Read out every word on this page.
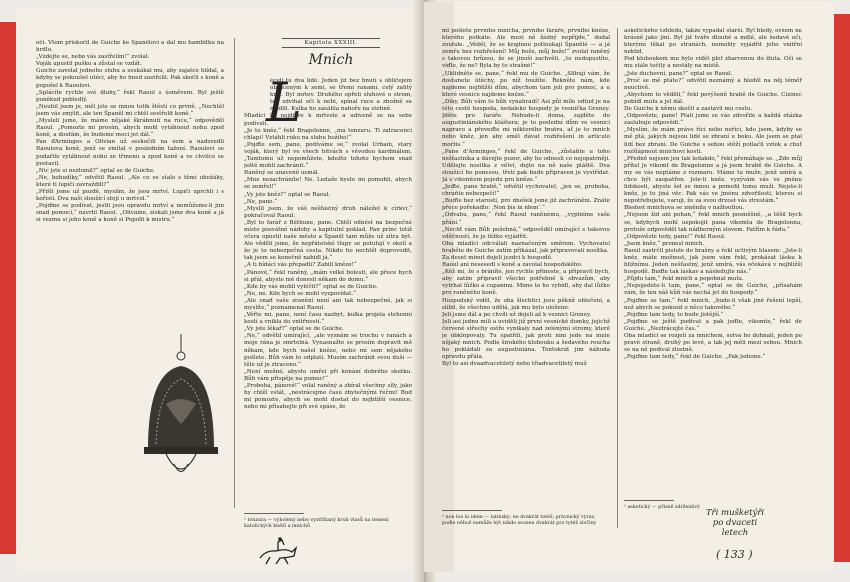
oči. Vtom přiskočil de Guiche ke Španělovi a dal mu bambitku na hrdlo.

„Vzdejte se, nebo vás zastřelím!“ zvolal.

Voják upustil pušku a zůstal se vzdát.

Guiche zavolal jednoho sluhu a zeskákal mu, aby zajatce hlídal, a kdyby se pokoušel utéci, aby ho hned zastřelil. Pak skočil s koně a popošel k Raoulovi.

„Splácíte rychle své dluhy,“ řekl Raoul s úsměvem. Byl ještě poněkud pobledlý.

„Neubil jsem je, měl jste se mnou tolik štěstí co prvně. „Nechtěl jsem vás zmýlit, ale ten Španěl mi chtěl sestřelit koně.“

„Mysleli jsme, že máme nějaké škrábnutí na ruce,“ odpověděl Raoul. „Pomozte mi prosím, abych mohl vytáhnout nohu zpod koně, a doufám, že budeme moci jet dál.“

Pan ďArminges a Olivian už seskočili na zem a nadzvedli Raoulova koně, jenž se zmítal v posledním tažení. Raoulovi se podařilo vytáhnout nohu ze třmenu a zpod koně a ve chvilce se postavil.

„Nic jste si nezlomil?“ optal se de Guiche.

„Ne, bohudíky,“ odvětil Raoul. „Ale co se stalo s těmi ubožáky, které ti lupiči zavraždili?“

„Přišli jsme už pozdě, myslím, že jsou mrtví. Lupiči uprchli i s kořistí. Dva naši sloužící stojí u mrtvol.“

„Pojďme se podívat, jestli jsou opravdu mrtví a nemůžeme-li jim snad pomoci,“ navrhl Raoul. „Olivaine, získali jsme dva koně a já si vezmu si jeho koně a koně si Popolli k mistru.“

Kapitola XXXIII.
Mnich
L

éceli tu dva lidé. Jeden již bez hnutí s obličejem obráceným k zemi, se třemi ranami, celý zalitý krví. Byl mrtev. Druhého opřeli sluhové o strom, ten zdvihal oči k nebi, spínal ruce a zbožně se modlil. Kulka ho zasáhla nahoře na stehně.

Mladíci šli nejdříve k mrtvole a udiveně se na sebe podívali.

„Je to kněz,“ řekl Bragelonne, „má tonzuru. Ti zatracenci chlapi! Vztáhli ruku na sluhu božího!“

„Pojďte sem, pane, podíváme se,“ zvolal Urbain, starý voják, který byl ve všech bitvách s vévodou kardinálem. „Tamtomu už nepomůžete, kdežto tohoto bychom snad ještě mohli zachránit.“

Raněný se unaveně usmál.

„Mne nezachráníte! Ne. Ledaže byste mi pomohli, abych se zemřel!“

„Vy jste kněz?“ optal se Raoul.

„Ne, pane.“

„Myslil jsem, že váš nešťastný druh náležel k církvi,“ pokračoval Raoul.

„Byl to farář z Béthune, pane. Chtěl odnést na bezpečné místo posvátné nádoby a kapitulní poklad. Pan princ totiž včera opustil naše město a Španěl tam může už zítra být. Ale věděli jsme, že nepřátelské tlupy se potulují v okolí a že je to nebezpečná cesta. Nikdo ho nechtěl doprovodit, tak jsem se konečně nabídl já.“

„A ti bídáci vás přepadli? Zabili kněze!“

„Pánové,“ řekl raněný, „mám velké bolesti, ale přece bych si přál, abyste mě donesli někam do domu.“

„Kde by vás mohli vyléčit?“ optal se de Guiche.

„Ne, ne. Kde bych se mohl vyzpovídat.“

„Ale snad vaše zranění není ani tak nebezpečné, jak si myslíte,“ poznamenal Raoul.

„Věřte mi, pane, není času nazbyt, kulka projela stehenní kostí a vnikla do vnitřností.“

„Vy jste lékař?“ optal se de Guiche.

„Ne,“ odvětil umírající, „ale vyznám se trochu v ranách a moje rána je smrtelná. Vynasnažte se prosím dopravit mě někam, kde bych našel kněze, nebo mi sem nějakého pošlete. Bůh vám to odplatí. Musím zachránit svou duši — tělo už je ztraceno.“

„Není možné, abyste umřel při konání dobrého skutku. Bůh vám přispěje na pomoc!“

„Proboha, pánové!“ volal raněný a zbíral všechny síly, jako by chtěl vstát, „nestrácejme času zbytečnými řečmi! Buď mi pomozte, abych se mohl dostat do nejbližší vesnice, nebo mi přísahejte při své spáse, že

¹ tonzura — vyholený nebo vystřihaný kruh vlasů na temeni katolických kněží a mnichů

mi pošlete prvního mnicha, prvního faráře, prvního kněze, kterého potkáte. Ale mezi ně žádný nepřijde,“ dodal zoufale. „Věděl, že se krajinou potloukají Španělé — a já zemřu bez rozhřešení! Můj bože, můj bože!“ zvolal raněný s takovou hrůzou, že se jinoši zachvěli, „to nedopustíte, viďte, že ne? Byla by to strašné!“

„Uklidněte se, pane,“ řekl mu de Guiche. „Slibuji vám, že dostanete útěchy, po níž toužíte. Řekněte nám, kde najdeme nejbližší dům, abychom tam jeli pro pomoc, a u které vesnice najdeme kněze.“

„Díky, Bůh vám to bůh vynahradí! Asi půl míle odtud je na této cestě hospoda, nedaleko hospody je vesnička Greney. Jděte pro faráře. Nebude-li doma, zajděte do augustiniánského kláštera; je to poslední dům ve vesnici napravo a převeďte mi některého bratra, ať je to mnich nebo kněz, jen aby směl dávat rozhřešení in articulo mortis.“

„Pane d’Arminges,“ řekl de Guiche, „zůstaňte u toho nešťastníka a dávejte pozor, aby ho odnesli co nejopatrněji. Udělejte nosítka z větví, dejte na ně naše pláště. Dva sloužící ho ponesou, třetí pak bude připraven je vystřídat. Já s vikomtem pojedu pro kněze.“

„Jeďte, pane hrabě,“ odvětil vychovatel, „jen se, proboha, chraňte nebezpečí!“

„Buďte bez starosti, pro dnešek jsme již zachráněni. Znáte přece pořekadlo: ‚Non bis in idem‘.“

„Odvahu, pane,“ řekl Raoul raněnému, „vyplníme vaše přání.“

„Nechť vám Bůh požehná,“ odpověděl umírající s takovou vděčností, že je těžko vyjádřit.

Oba mladíci odcválali naznačeným směrem. Vychovatel hraběte de Guiche zatím přikázal, jak připravovali nosítka.

Za deset minut dojeli jezdci k hospodě.

Raoul ani nesesedl s koně a zavolal hospodského.

„Kéž mi, že s bráníte, jen rychle přineste, a připravil bych, aby zatím připravil všecko potřebné k obvazům, aby vytrhal lůžko a cupaninu. Mimo to ho vybídl, aby dal lůžko pro raněného koně.

Hospodský viděl, že oba šlechtici jsou pěkně oblečení, a slíbil, že všechno udělá, jak mu bylo uloženo.

Jeli jsme dál a po chvíli už dojeli až k vesnici Greney.

Jeli asi jednu míli a uviděli již první vesnické domky, jejichž červené střechy ostře vynikaly nad zelenými stromy, které je obklopovaly. Tu spatřili, jak proti nim jede na mule nějaký mnich. Podle širokého klobouku a šedavého roucha ho pokládali za augustiniána. Tentokrát jim náhoda opravdu přála.

Byl to asi dvaadvacetiletý nebo třiadvacetiletý muž

asketického vzhledu, takže vypadal starší. Byl bledý, ovšem ne krásně jako jiní. Byl již tváře dlouhé a mdlé, ale šedavé oči, kterými těkal po stranách, nemohly vyjádřit jeho vnitřní neklid.

Pod kloboukem mu bylo vidět pleť zbarvenou do žluta. Oči se mu stále točily a nestály na místě.

„Jste duchovní, pane?“ optal se Raoul.

„Proč se mě ptáte?“ odvětil neznámý a hleděl na něj téměř neuctivě.

„Abychom to věděli,“ řekl povýšeně hrabě de Guiche. Cizinec pobídl mulu a jel dál.

De Guiche k němu skočil a zastavil mu cestu.

„Odpovězte, pane! Ptali jsme se vás zdvořile a každá otázka zasluhuje odpovědi.“

„Myslím, že mám právo říci nebo neříci, kdo jsem, kdyby se mě ptá, jakých nejsou lidé se zbraní u boku. Ale jsem se ptal lidí bez zbraní. De Guiche s sebou stěží potlačil vztek a chuť rozšlápnout mnichovi kosti.

„Předně nejsem jen tak ledakdo,“ řekl přemáhaje se. „Zde můj přítel je vikomt de Bragelonne a já jsem hrabě de Guiche. A my se vás neptáme z rozmaru. Máme tu muže, jenž umírá a chce být zaopatřen. Jste-li kněz, vyzývám vás ve jménu lidskosti, abyste šel se mnou a pomohl tomu muži. Nejste-li kněz, je to jiná věc. Pak vás ve jménu zdvořilosti, kterou si nepotřebujete, varuji, že za svou drzost vás ztrestám.“

Bledost mnichova se změnila v nažloutlou.

„Nejsem žid ani pohan,“ řekl mnich posměšně, „a těšil bych se, kdybych mohl uspokojit pana vikomta de Bragelonna, protože odpověděl tak nádherným slovem. Patřím k řádu.“

„Odpovězte tedy, pane!“ řekl Raoul.

„Jsem kněz,“ pronesl mnich.

Raoul zastrčil pistole do brašny a řekl uctivým hlasem: „Jste-li kněz, máte možnost, jak jsem vám řekl, prokázat lásku k bližnímu. Jeden nešťastný, jenž umírá, vás očekává v nejbližší hospodě. Buďte tak laskav a následujte nás.“

„Půjdu tam,“ řekl mnich a popohnal mulu.

„Nepojedete-li tam, pane,“ optal se de Guiche, „přísahám vám, že ten náš kůň vás nechá jet do hospody.“

„Pojďme se tam,“ řekl mnich, „bude-li však jiné řešení lepší, než abych se pokusil o něco takového.“

„Pojďme tam tedy, to bude jistější.“

„Pojďme se ještě podívat a pak jeďte, vikomte,“ řekl de Guiche. „Neztrácejte čas.“

Oba mladíci se rozjeli za mnichem, sotva ho dohnali, jeden po pravé straně, druhý po levé, a tak jej měli mezi sebou. Mnich se na ně podíval zlostně.

„Pojďme tam tedy,“ řekl de Guiche. „Pak jedeme.“

¹ non bis in idem — latinsky: ne dvakrát totéž; právnický výraz, podle něhož nemůže být nikdo souzen dvakrát pro tytéž zločiny
¹ asketický — přísně zdrženlivý
Tři mušketýři
po dvaceti
letech
( 133 )
